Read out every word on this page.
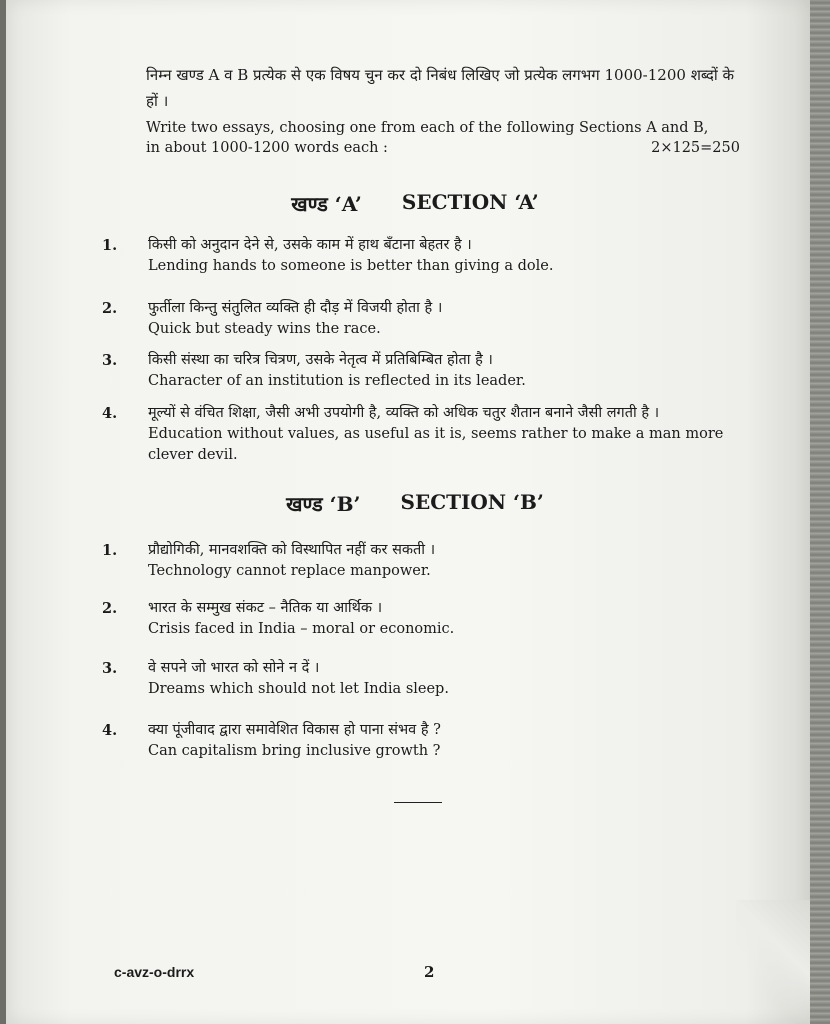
निम्न खण्ड A व B प्रत्येक से एक विषय चुन कर दो निबंध लिखिए जो प्रत्येक लगभग 1000-1200 शब्दों के हों ।
Write two essays, choosing one from each of the following Sections A and B,
in about 1000-1200 words each :	2×125=250
खण्ड ‘A’ SECTION ‘A’
1. किसी को अनुदान देने से, उसके काम में हाथ बँटाना बेहतर है ।
Lending hands to someone is better than giving a dole.
2. फुर्तीला किन्तु संतुलित व्यक्ति ही दौड़ में विजयी होता है ।
Quick but steady wins the race.
3. किसी संस्था का चरित्र चित्रण, उसके नेतृत्व में प्रतिबिम्बित होता है ।
Character of an institution is reflected in its leader.
4. मूल्यों से वंचित शिक्षा, जैसी अभी उपयोगी है, व्यक्ति को अधिक चतुर शैतान बनाने जैसी लगती है ।
Education without values, as useful as it is, seems rather to make a man more clever devil.
खण्ड ‘B’ SECTION ‘B’
1. प्रौद्योगिकी, मानवशक्ति को विस्थापित नहीं कर सकती ।
Technology cannot replace manpower.
2. भारत के सम्मुख संकट – नैतिक या आर्थिक ।
Crisis faced in India – moral or economic.
3. वे सपने जो भारत को सोने न दें ।
Dreams which should not let India sleep.
4. क्या पूंजीवाद द्वारा समावेशित विकास हो पाना संभव है ?
Can capitalism bring inclusive growth ?
c-avz-o-drrx	2
